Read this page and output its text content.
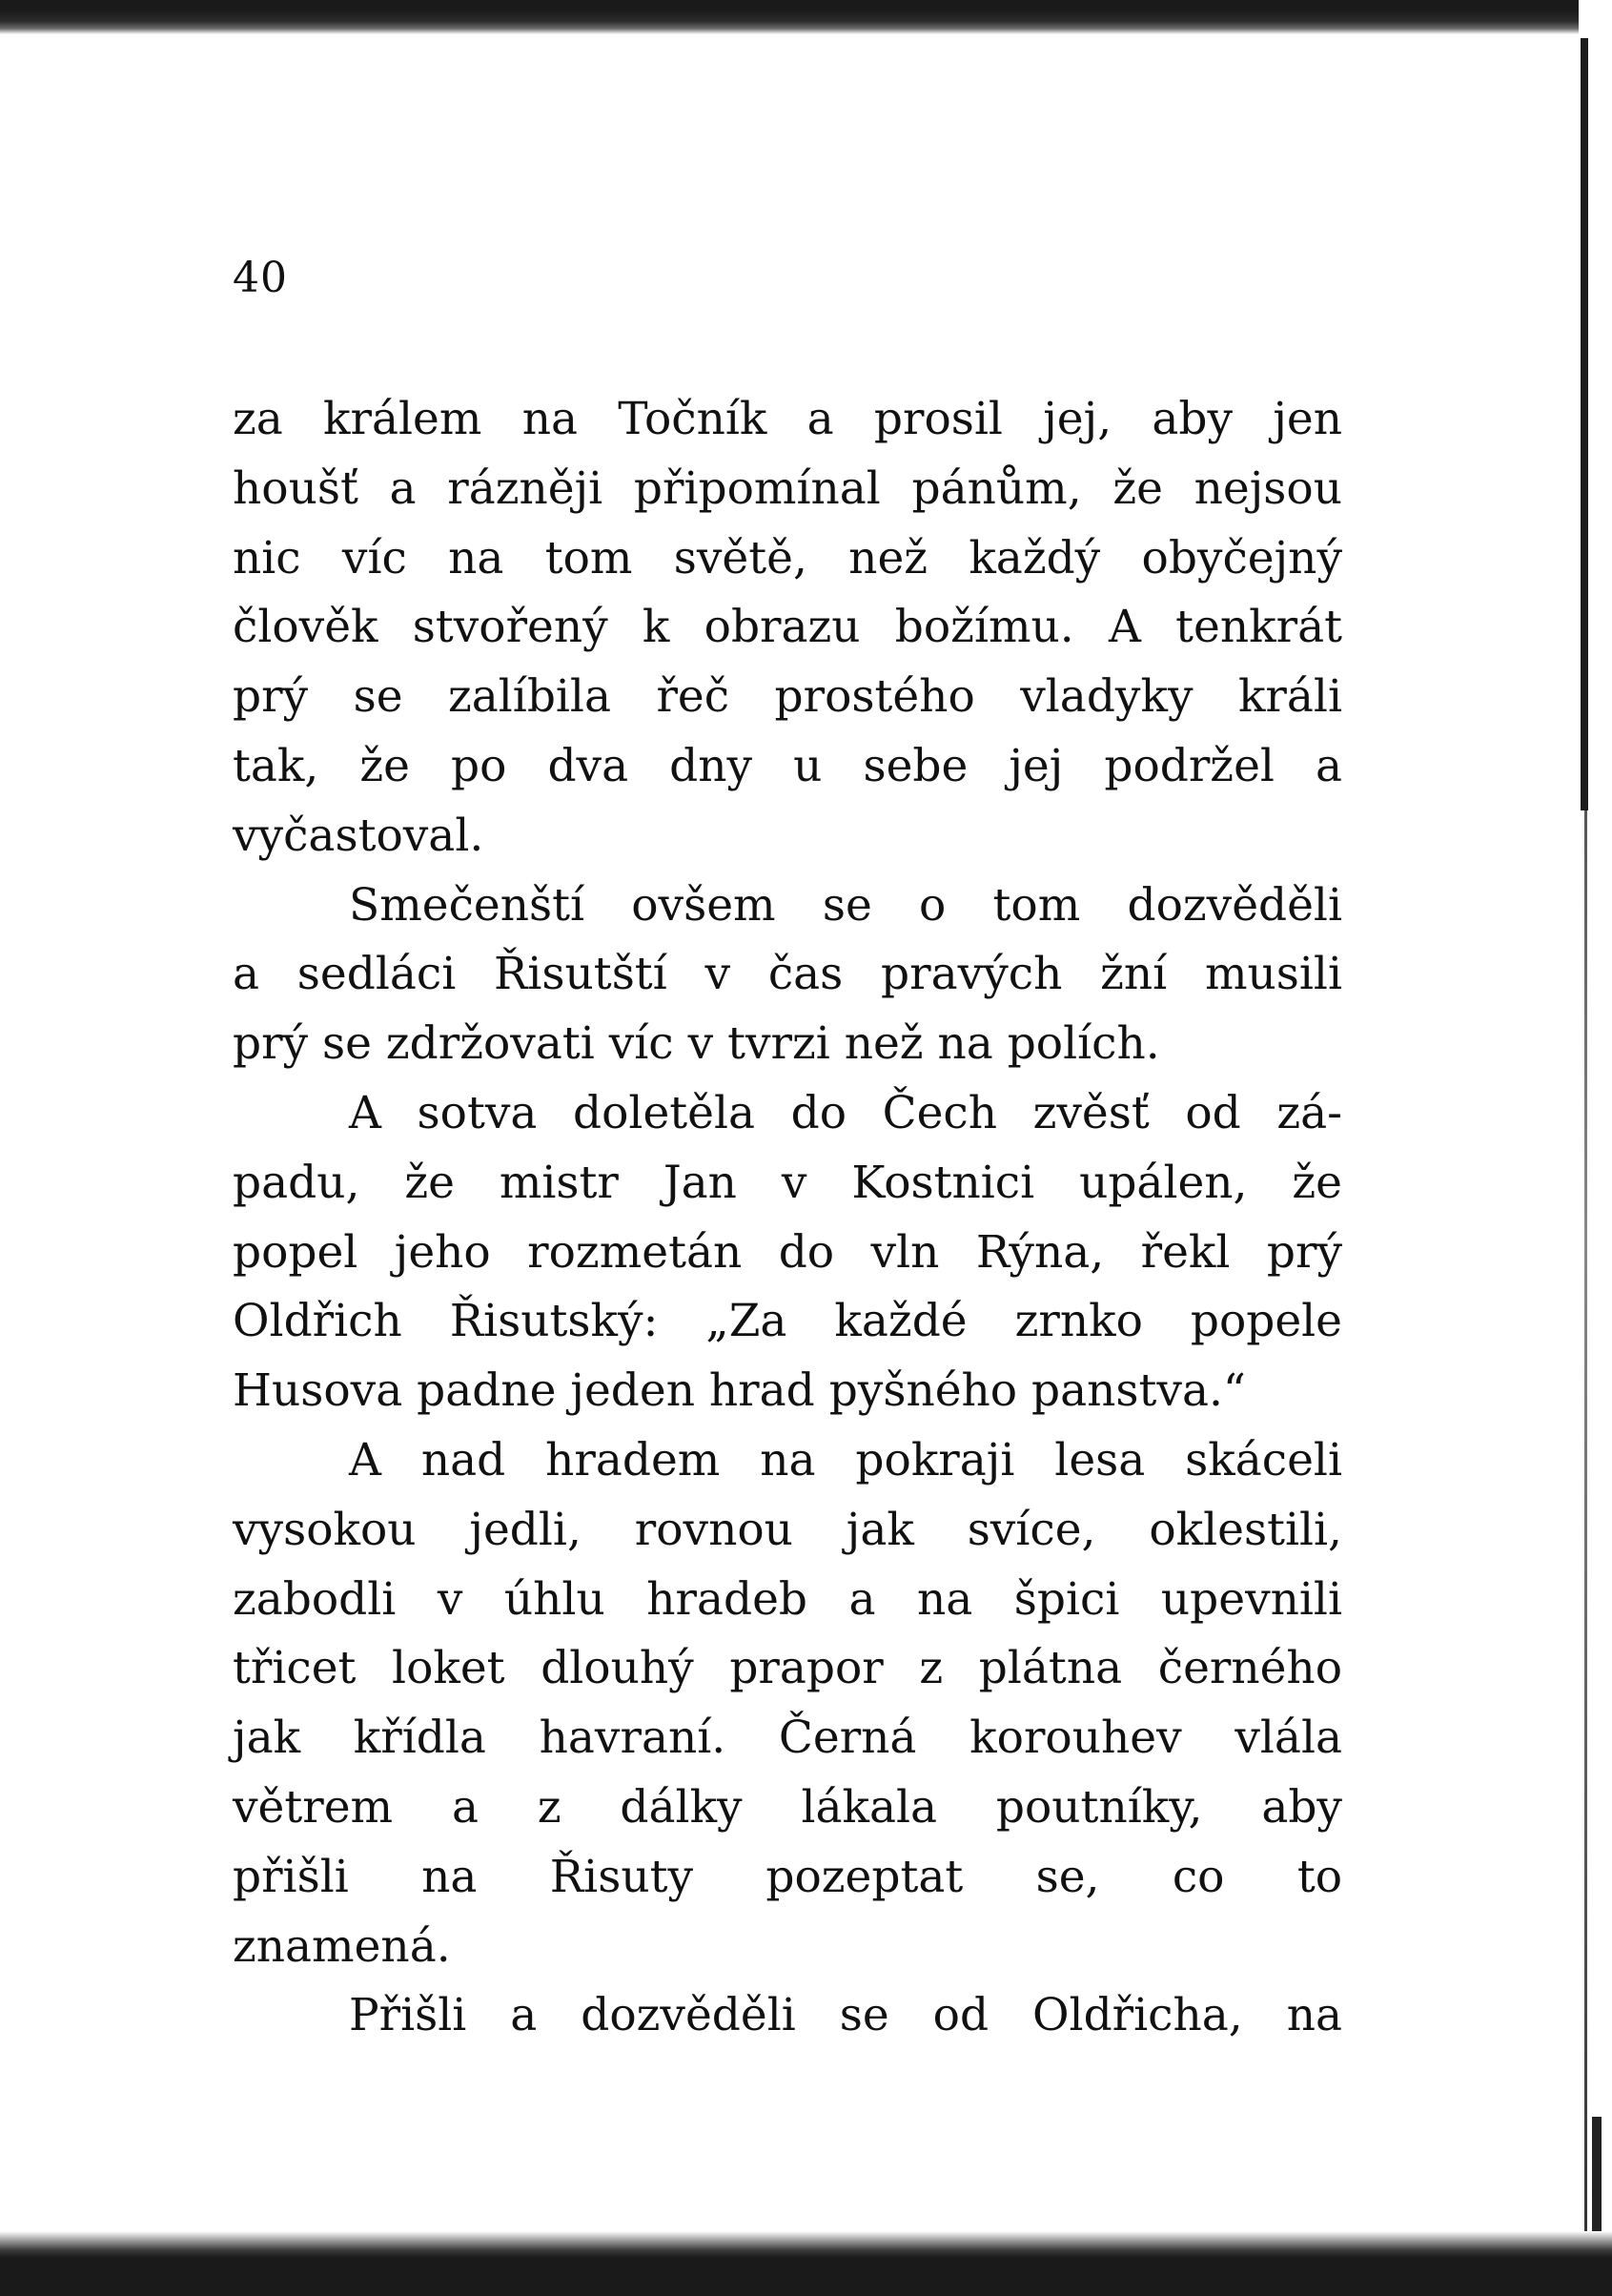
40
za králem na Točník a prosil jej, aby jen
houšť a rázněji připomínal pánům, že nejsou
nic víc na tom světě, než každý obyčejný
člověk stvořený k obrazu božímu. A tenkrát
prý se zalíbila řeč prostého vladyky králi
tak, že po dva dny u sebe jej podržel a
vyčastoval.
Smečenští ovšem se o tom dozvěděli
a sedláci Řisutští v čas pravých žní musili
prý se zdržovati víc v tvrzi než na polích.
A sotva doletěla do Čech zvěsť od zá-
padu, že mistr Jan v Kostnici upálen, že
popel jeho rozmetán do vln Rýna, řekl prý
Oldřich Řisutský: „Za každé zrnko popele
Husova padne jeden hrad pyšného panstva.“
A nad hradem na pokraji lesa skáceli
vysokou jedli, rovnou jak svíce, oklestili,
zabodli v úhlu hradeb a na špici upevnili
třicet loket dlouhý prapor z plátna černého
jak křídla havraní. Černá korouhev vlála
větrem a z dálky lákala poutníky, aby
přišli na Řisuty pozeptat se, co to
znamená.
Přišli a dozvěděli se od Oldřicha, na
